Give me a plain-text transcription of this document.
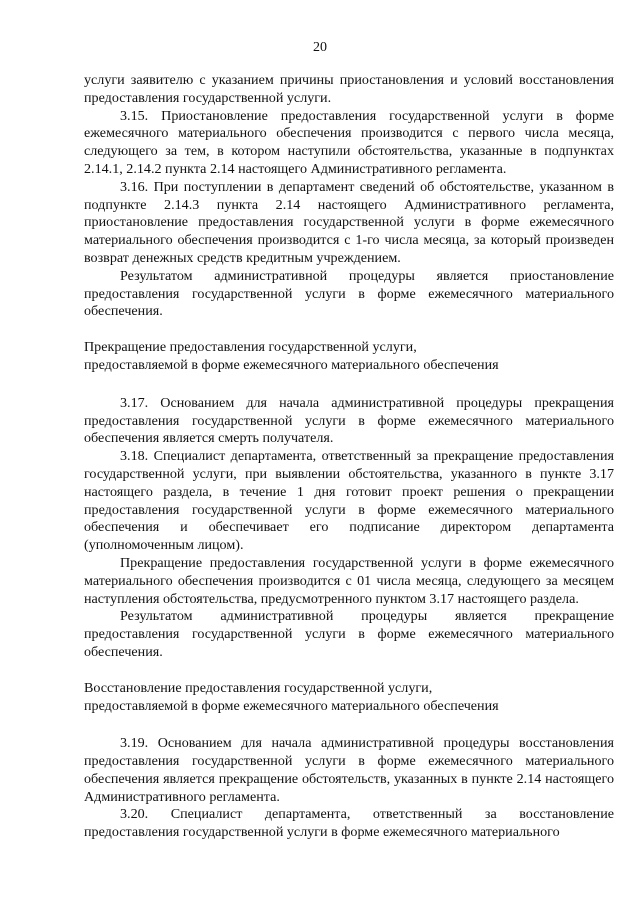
20

услуги заявителю с указанием причины приостановления и условий восстановления предоставления государственной услуги.

3.15. Приостановление предоставления государственной услуги в форме ежемесячного материального обеспечения производится с первого числа месяца, следующего за тем, в котором наступили обстоятельства, указанные в подпунктах 2.14.1, 2.14.2 пункта 2.14 настоящего Административного регламента.

3.16. При поступлении в департамент сведений об обстоятельстве, указанном в подпункте 2.14.3 пункта 2.14 настоящего Административного регламента, приостановление предоставления государственной услуги в форме ежемесячного материального обеспечения производится с 1-го числа месяца, за который произведен возврат денежных средств кредитным учреждением.

Результатом административной процедуры является приостановление предоставления государственной услуги в форме ежемесячного материального обеспечения.

Прекращение предоставления государственной услуги,

предоставляемой в форме ежемесячного материального обеспечения

3.17. Основанием для начала административной процедуры прекращения предоставления государственной услуги в форме ежемесячного материального обеспечения является смерть получателя.

3.18. Специалист департамента, ответственный за прекращение предоставления государственной услуги, при выявлении обстоятельства, указанного в пункте 3.17 настоящего раздела, в течение 1 дня готовит проект решения о прекращении предоставления государственной услуги в форме ежемесячного материального обеспечения и обеспечивает его подписание директором департамента (уполномоченным лицом).

Прекращение предоставления государственной услуги в форме ежемесячного материального обеспечения производится с 01 числа месяца, следующего за месяцем наступления обстоятельства, предусмотренного пунктом 3.17 настоящего раздела.

Результатом административной процедуры является прекращение предоставления государственной услуги в форме ежемесячного материального обеспечения.

Восстановление предоставления государственной услуги,

предоставляемой в форме ежемесячного материального обеспечения

3.19. Основанием для начала административной процедуры восстановления предоставления государственной услуги в форме ежемесячного материального обеспечения является прекращение обстоятельств, указанных в пункте 2.14 настоящего Административного регламента.

3.20. Специалист департамента, ответственный за восстановление предоставления государственной услуги в форме ежемесячного материального
